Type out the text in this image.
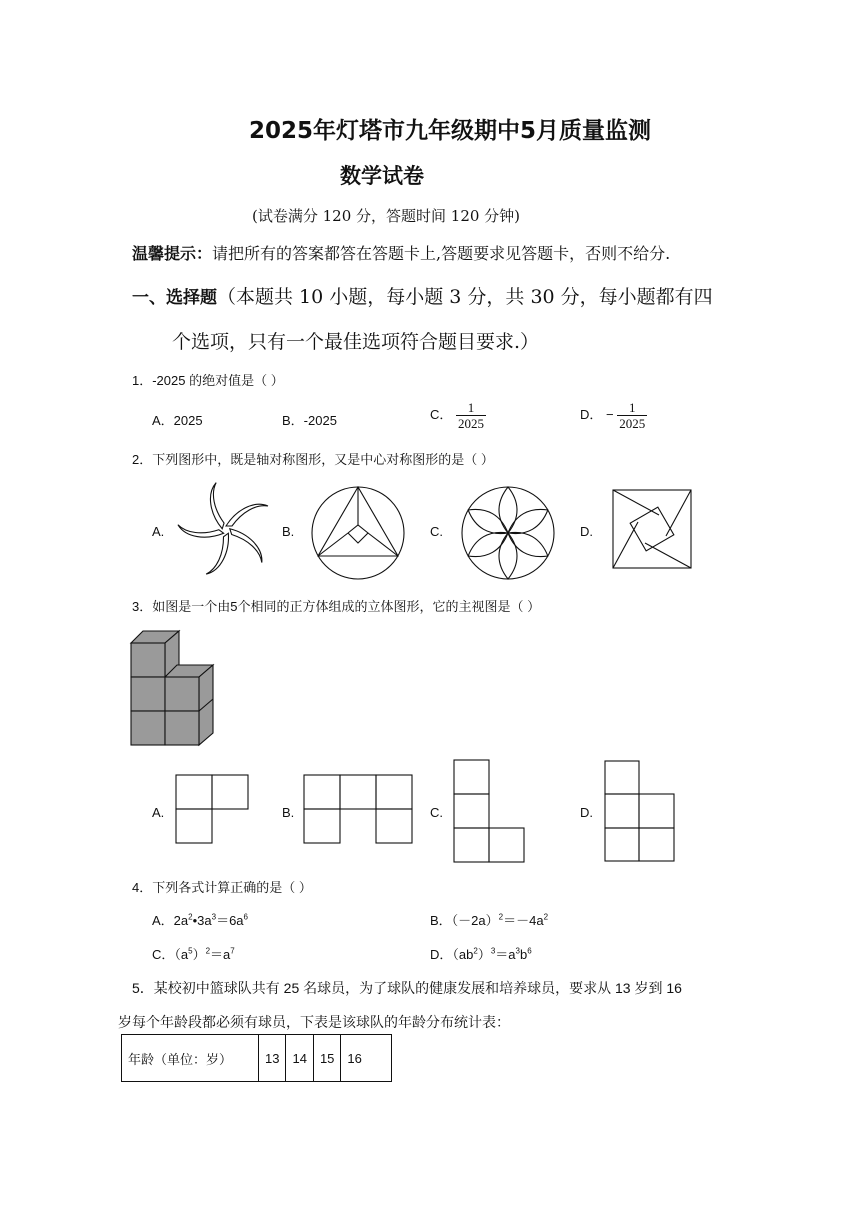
2025年灯塔市九年级期中5月质量监测
数学试卷
(试卷满分 120 分，答题时间 120 分钟)
温馨提示：请把所有的答案都答在答题卡上,答题要求见答题卡，否则不给分.
一、选择题（本题共 10 小题，每小题 3 分，共 30 分，每小题都有四
个选项，只有一个最佳选项符合题目要求.）
1．-2025 的绝对值是（ ）
A．2025	B．-2025	C． $\frac{1}{2025}$	D． − $\frac{1}{2025}$
2．下列图形中，既是轴对称图形，又是中心对称图形的是（ ）
A.	B.	C.	D.
3．如图是一个由5个相同的正方体组成的立体图形，它的主视图是（ ）
A.	B.	C.	D.
4．下列各式计算正确的是（ ）
A．$2a^2•3a^3=6a^6$	B．$(-2a)^2=-4a^2$
C．$(a^5)^2=a^7$	D．$(ab^2)^3=a^3b^6$
5．某校初中篮球队共有 25 名球员，为了球队的健康发展和培养球员，要求从 13 岁到 16
岁每个年龄段都必须有球员，下表是该球队的年龄分布统计表：
年龄（单位：岁）	13	14	15	16
